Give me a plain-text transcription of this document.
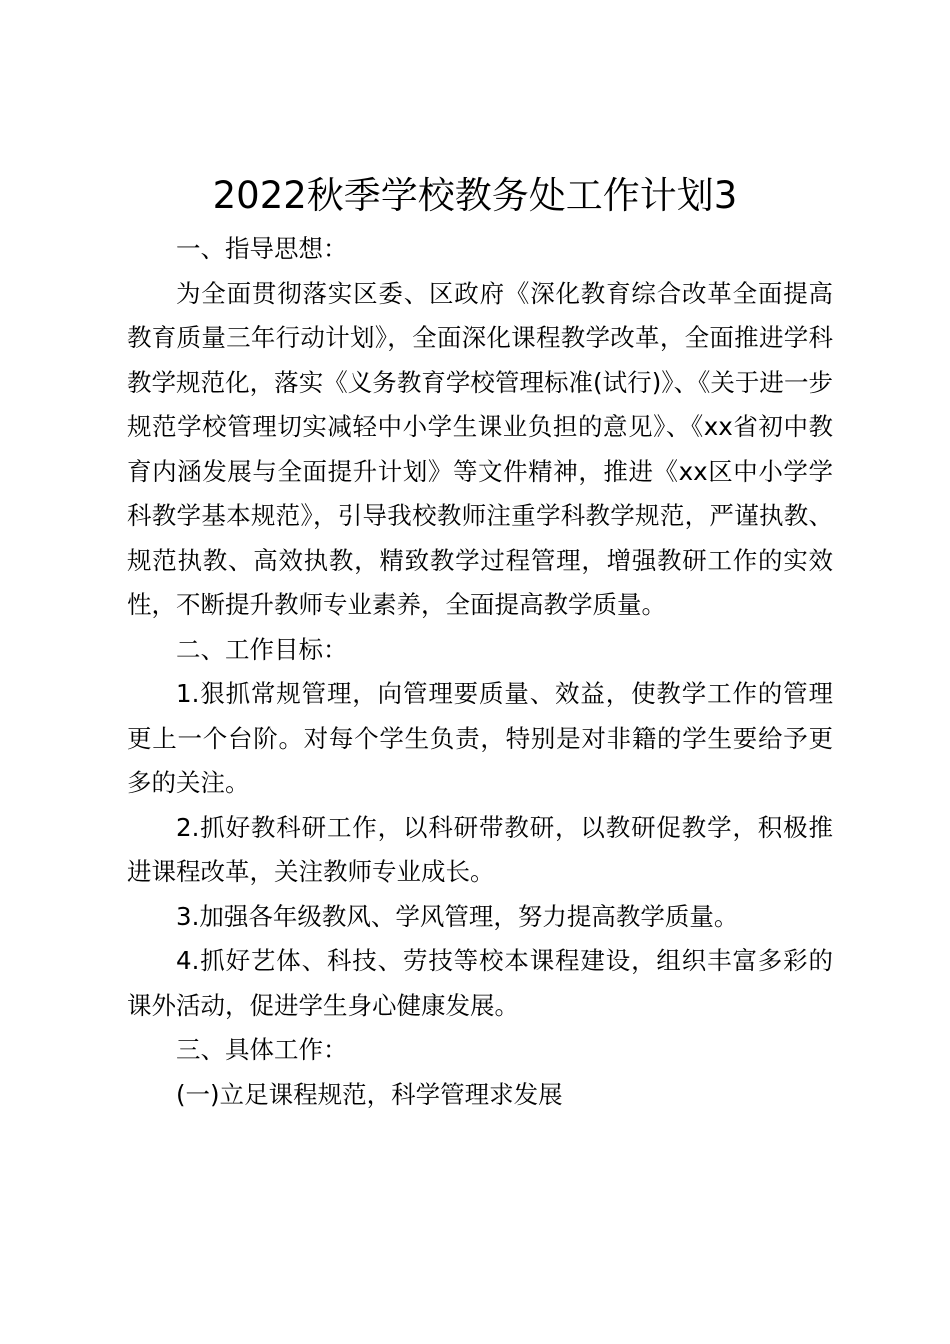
2022秋季学校教务处工作计划3

一、指导思想：

为全面贯彻落实区委、区政府《深化教育综合改革全面提高教育质量三年行动计划》，全面深化课程教学改革，全面推进学科教学规范化，落实《义务教育学校管理标准(试行)》、《关于进一步规范学校管理切实减轻中小学生课业负担的意见》、《xx省初中教育内涵发展与全面提升计划》等文件精神，推进《xx区中小学学科教学基本规范》，引导我校教师注重学科教学规范，严谨执教、规范执教、高效执教，精致教学过程管理，增强教研工作的实效性，不断提升教师专业素养，全面提高教学质量。

二、工作目标：

1.狠抓常规管理，向管理要质量、效益，使教学工作的管理更上一个台阶。对每个学生负责，特别是对非籍的学生要给予更多的关注。

2.抓好教科研工作，以科研带教研，以教研促教学，积极推进课程改革，关注教师专业成长。

3.加强各年级教风、学风管理，努力提高教学质量。

4.抓好艺体、科技、劳技等校本课程建设，组织丰富多彩的课外活动，促进学生身心健康发展。

三、具体工作：

(一)立足课程规范，科学管理求发展
